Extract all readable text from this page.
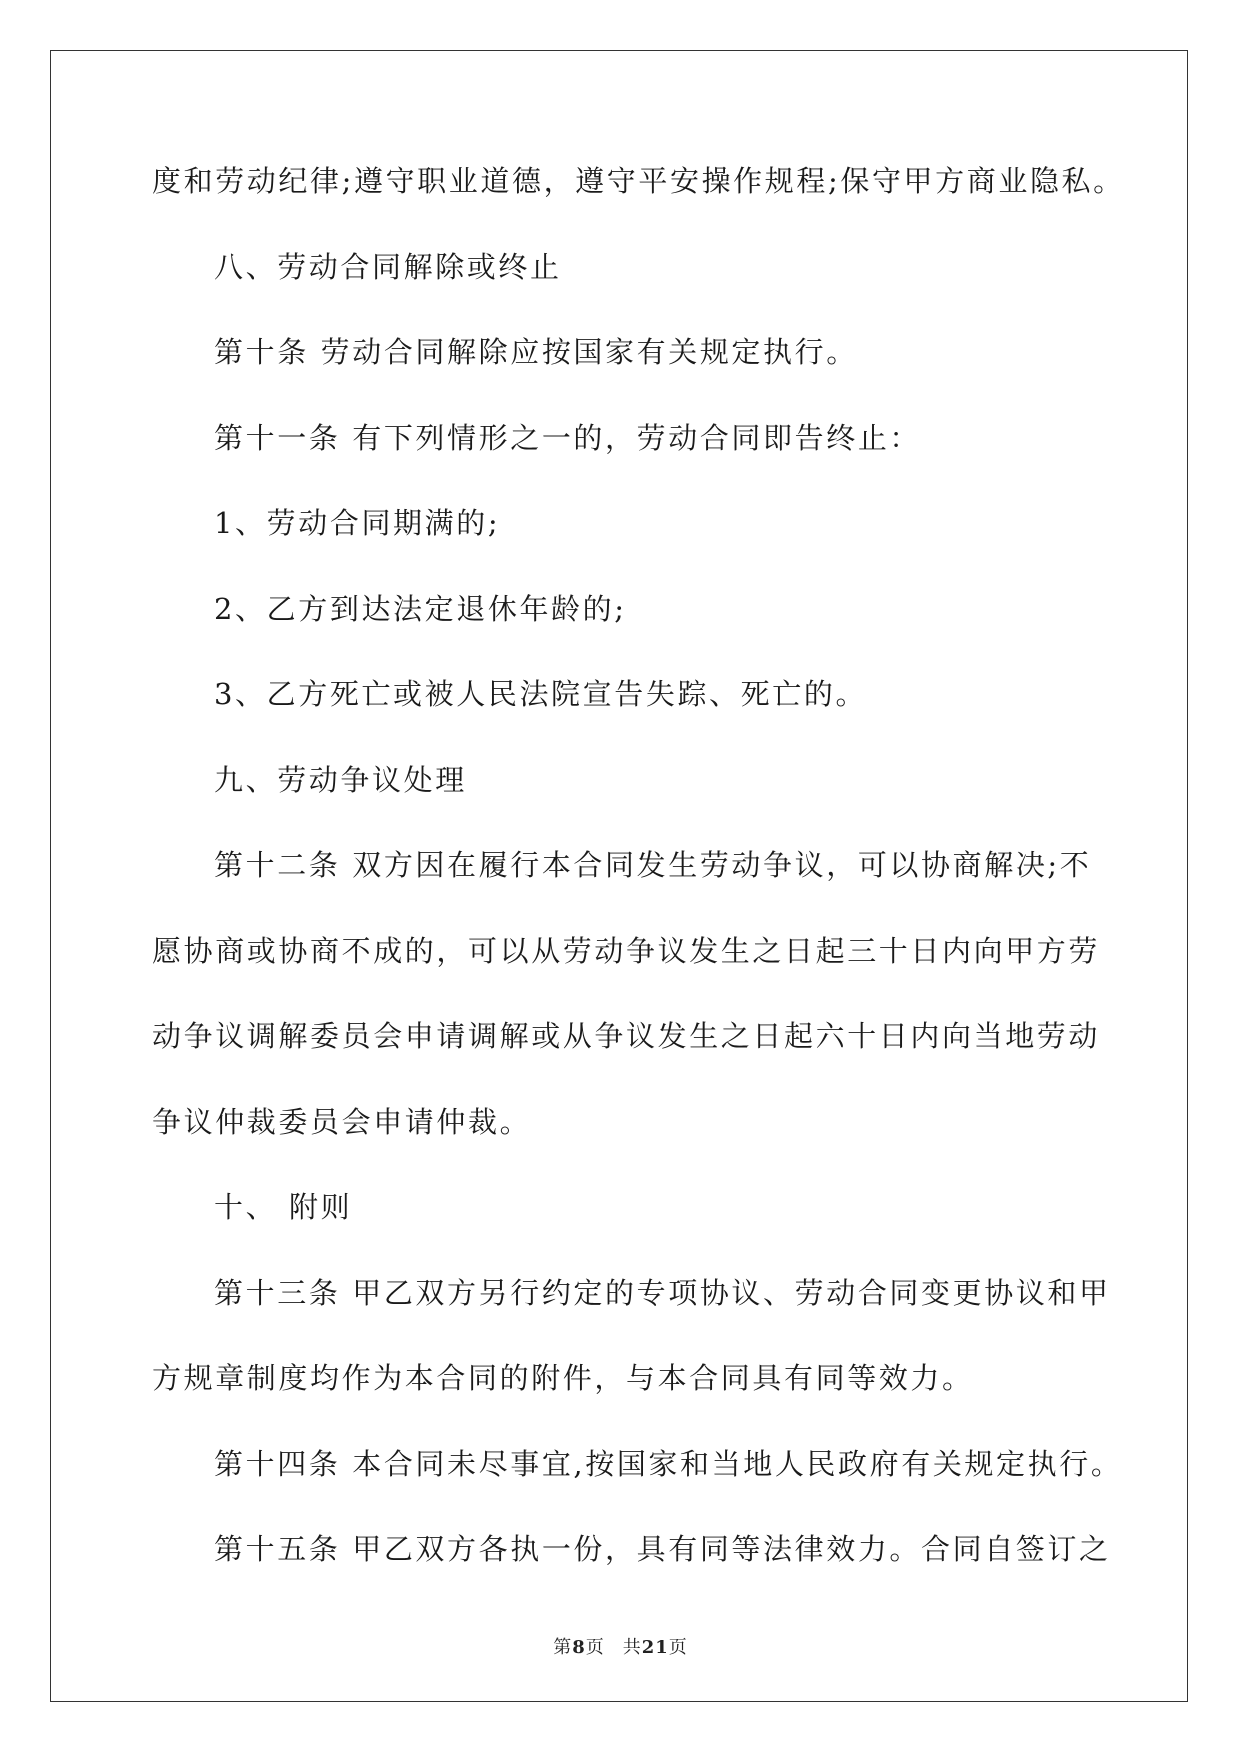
度和劳动纪律;遵守职业道德，遵守平安操作规程;保守甲方商业隐私。
八、劳动合同解除或终止
第十条 劳动合同解除应按国家有关规定执行。
第十一条 有下列情形之一的，劳动合同即告终止：
1、劳动合同期满的;
2、乙方到达法定退休年龄的;
3、乙方死亡或被人民法院宣告失踪、死亡的。
九、劳动争议处理
第十二条 双方因在履行本合同发生劳动争议，可以协商解决;不
愿协商或协商不成的，可以从劳动争议发生之日起三十日内向甲方劳
动争议调解委员会申请调解或从争议发生之日起六十日内向当地劳动
争议仲裁委员会申请仲裁。
十、 附则
第十三条 甲乙双方另行约定的专项协议、劳动合同变更协议和甲
方规章制度均作为本合同的附件，与本合同具有同等效力。
第十四条 本合同未尽事宜,按国家和当地人民政府有关规定执行。
第十五条 甲乙双方各执一份，具有同等法律效力。合同自签订之
第8页 共21页
